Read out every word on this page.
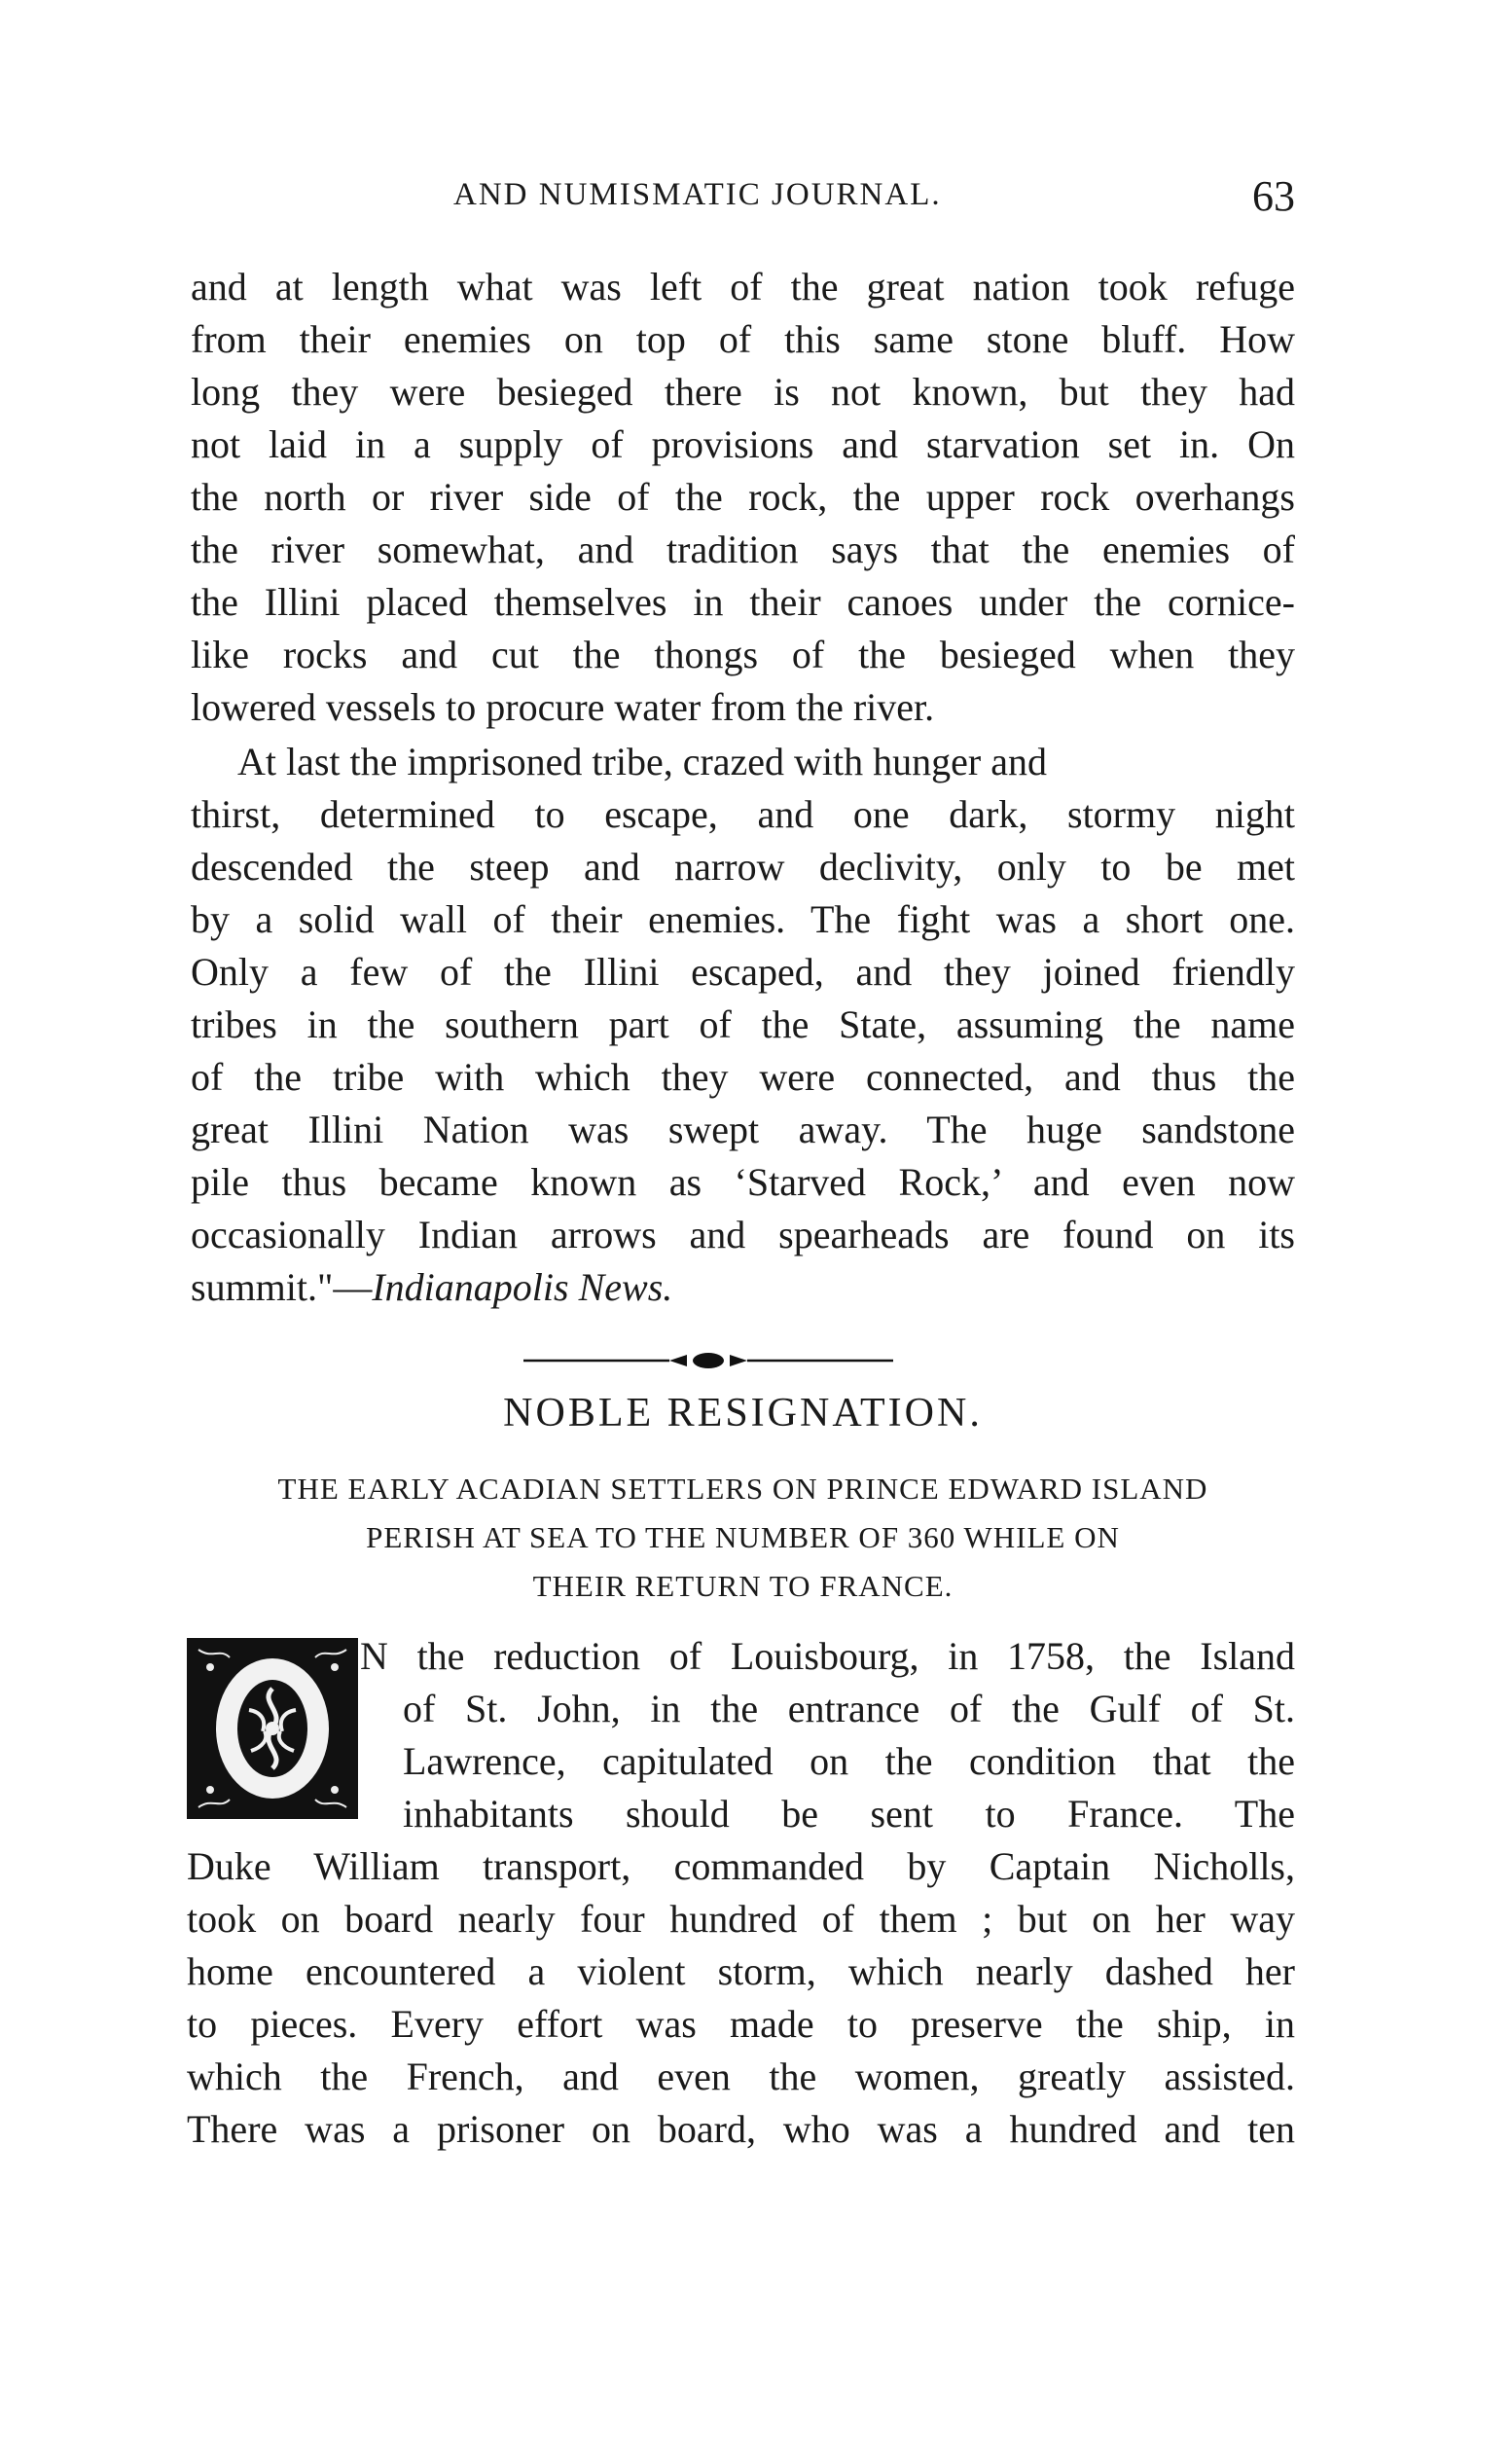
AND NUMISMATIC JOURNAL.	63
and at length what was left of the great nation took refuge
from their enemies on top of this same stone bluff. How
long they were besieged there is not known, but they had
not laid in a supply of provisions and starvation set in. On
the north or river side of the rock, the upper rock overhangs
the river somewhat, and tradition says that the enemies of
the Illini placed themselves in their canoes under the cornice-
like rocks and cut the thongs of the besieged when they
lowered vessels to procure water from the river.
At last the imprisoned tribe, crazed with hunger and
thirst, determined to escape, and one dark, stormy night
descended the steep and narrow declivity, only to be met
by a solid wall of their enemies. The fight was a short one.
Only a few of the Illini escaped, and they joined friendly
tribes in the southern part of the State, assuming the name
of the tribe with which they were connected, and thus the
great Illini Nation was swept away. The huge sandstone
pile thus became known as ‘Starved Rock,’ and even now
occasionally Indian arrows and spearheads are found on its
summit."—Indianapolis News.
NOBLE RESIGNATION.
THE EARLY ACADIAN SETTLERS ON PRINCE EDWARD ISLAND
PERISH AT SEA TO THE NUMBER OF 360 WHILE ON
THEIR RETURN TO FRANCE.
N the reduction of Louisbourg, in 1758, the Island
of St. John, in the entrance of the Gulf of St.
Lawrence, capitulated on the condition that the
inhabitants should be sent to France. The
Duke William transport, commanded by Captain Nicholls,
took on board nearly four hundred of them ; but on her way
home encountered a violent storm, which nearly dashed her
to pieces. Every effort was made to preserve the ship, in
which the French, and even the women, greatly assisted.
There was a prisoner on board, who was a hundred and ten
